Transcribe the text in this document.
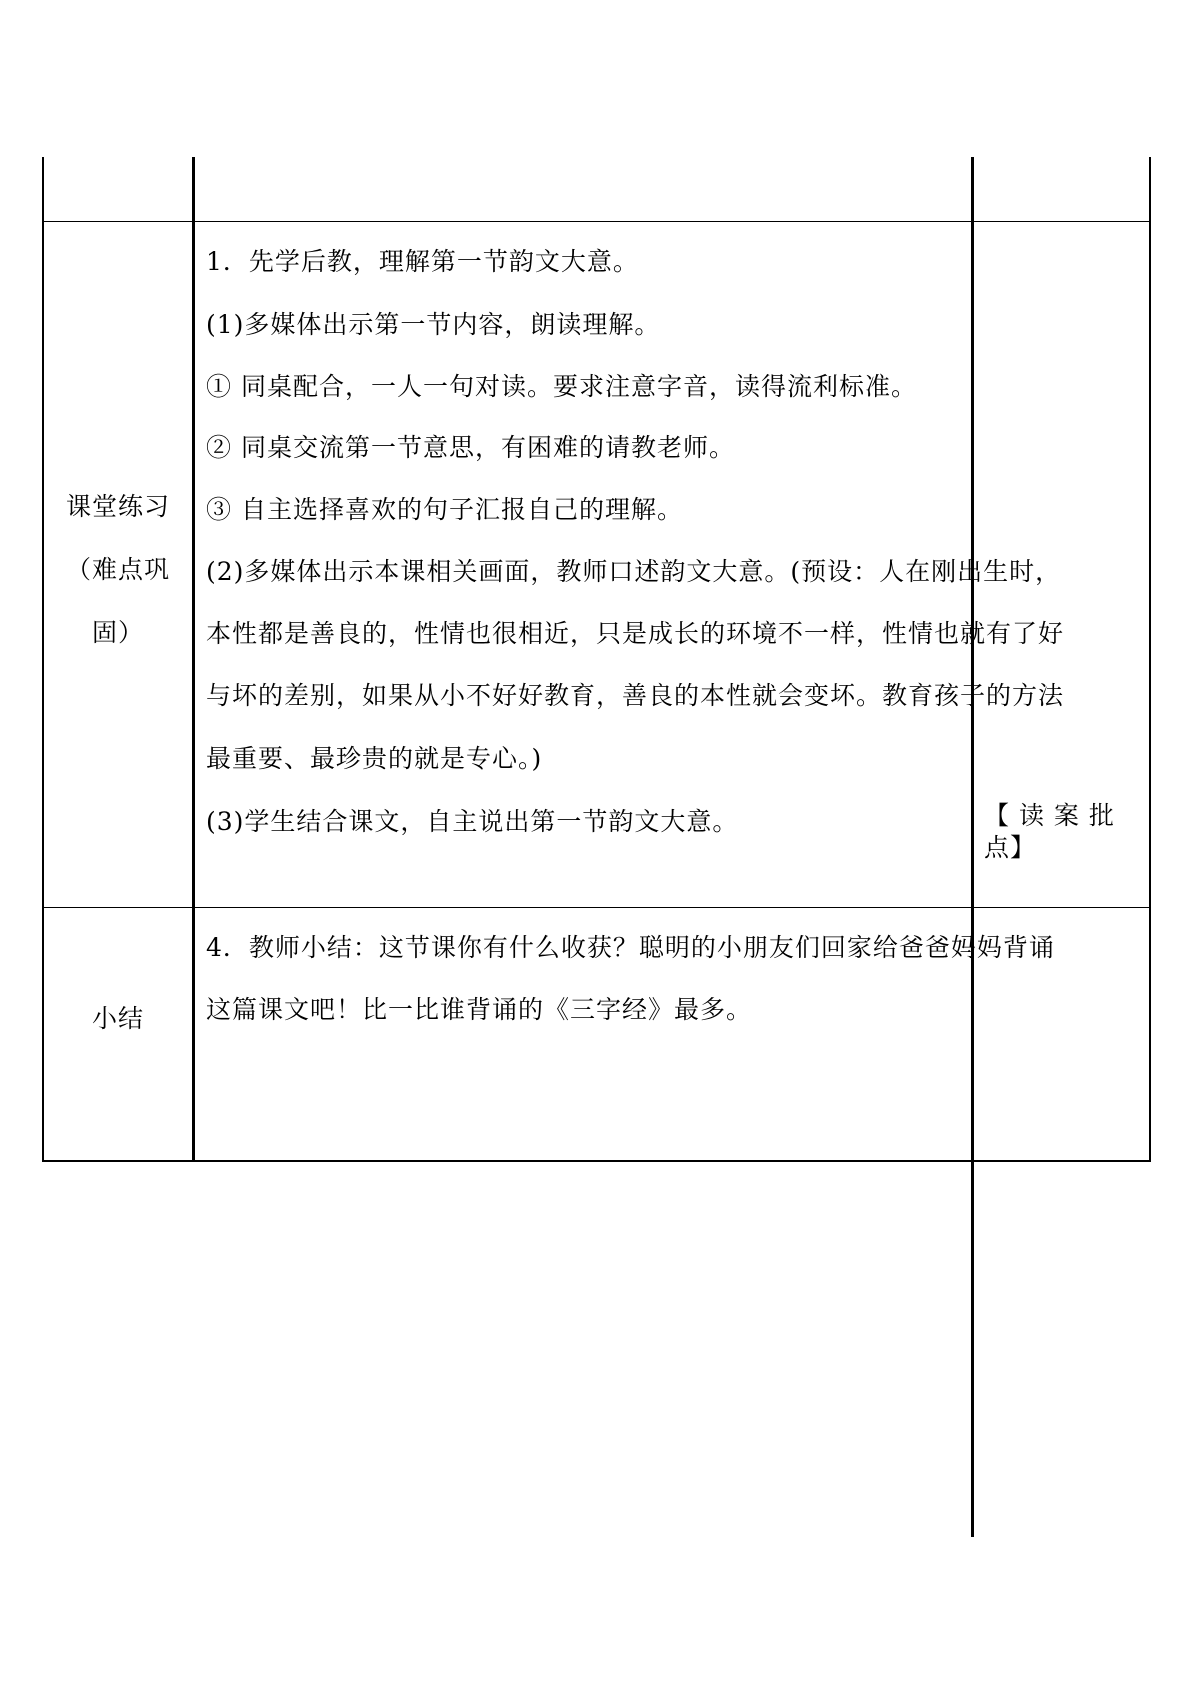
课堂练习
（难点巩
固）
1．先学后教，理解第一节韵文大意。
(1)多媒体出示第一节内容，朗读理解。
① 同桌配合，一人一句对读。要求注意字音，读得流利标准。
② 同桌交流第一节意思，有困难的请教老师。
③ 自主选择喜欢的句子汇报自己的理解。
(2)多媒体出示本课相关画面，教师口述韵文大意。(预设：人在刚出生时，
本性都是善良的，性情也很相近，只是成长的环境不一样，性情也就有了好
与坏的差别，如果从小不好好教育，善良的本性就会变坏。教育孩子的方法
最重要、最珍贵的就是专心。)
(3)学生结合课文，自主说出第一节韵文大意。	【 读 案 批
点】
小结
4．教师小结：这节课你有什么收获？聪明的小朋友们回家给爸爸妈妈背诵
这篇课文吧！比一比谁背诵的《三字经》最多。
